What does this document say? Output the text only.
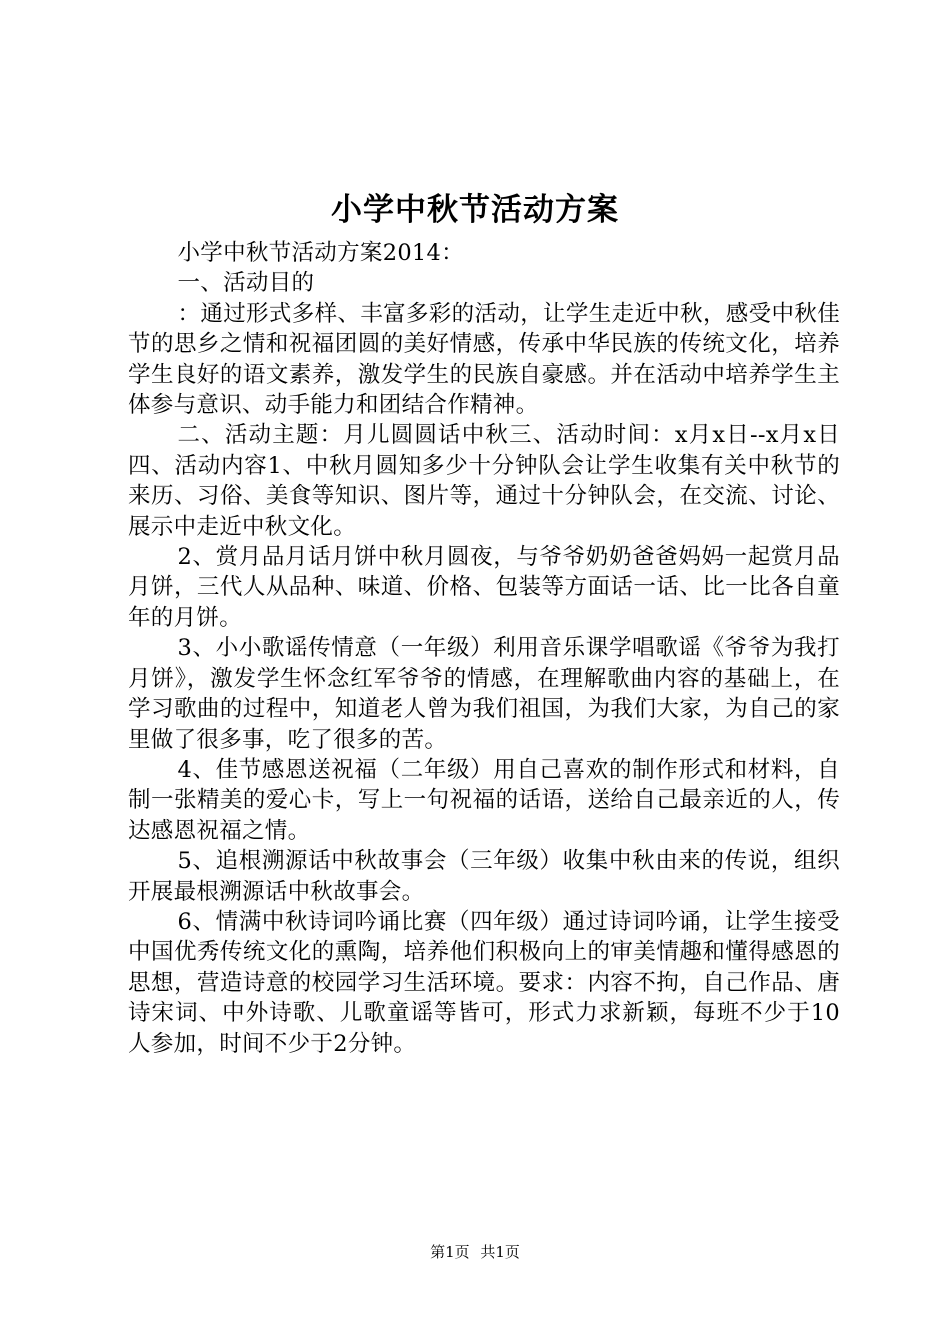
小学中秋节活动方案

小学中秋节活动方案2014：

一、活动目的

：通过形式多样、丰富多彩的活动，让学生走近中秋，感受中秋佳节的思乡之情和祝福团圆的美好情感，传承中华民族的传统文化，培养学生良好的语文素养，激发学生的民族自豪感。并在活动中培养学生主体参与意识、动手能力和团结合作精神。

二、活动主题：月儿圆圆话中秋三、活动时间：x月x日--x月x日四、活动内容1、中秋月圆知多少十分钟队会让学生收集有关中秋节的来历、习俗、美食等知识、图片等，通过十分钟队会，在交流、讨论、展示中走近中秋文化。

2、赏月品月话月饼中秋月圆夜，与爷爷奶奶爸爸妈妈一起赏月品月饼，三代人从品种、味道、价格、包装等方面话一话、比一比各自童年的月饼。

3、小小歌谣传情意（一年级）利用音乐课学唱歌谣《爷爷为我打月饼》，激发学生怀念红军爷爷的情感，在理解歌曲内容的基础上，在学习歌曲的过程中，知道老人曾为我们祖国，为我们大家，为自己的家里做了很多事，吃了很多的苦。

4、佳节感恩送祝福（二年级）用自己喜欢的制作形式和材料，自制一张精美的爱心卡，写上一句祝福的话语，送给自己最亲近的人，传达感恩祝福之情。

5、追根溯源话中秋故事会（三年级）收集中秋由来的传说，组织开展最根溯源话中秋故事会。

6、情满中秋诗词吟诵比赛（四年级）通过诗词吟诵，让学生接受中国优秀传统文化的熏陶，培养他们积极向上的审美情趣和懂得感恩的思想，营造诗意的校园学习生活环境。要求：内容不拘，自己作品、唐诗宋词、中外诗歌、儿歌童谣等皆可，形式力求新颖，每班不少于10人参加，时间不少于2分钟。

第1页 共1页
